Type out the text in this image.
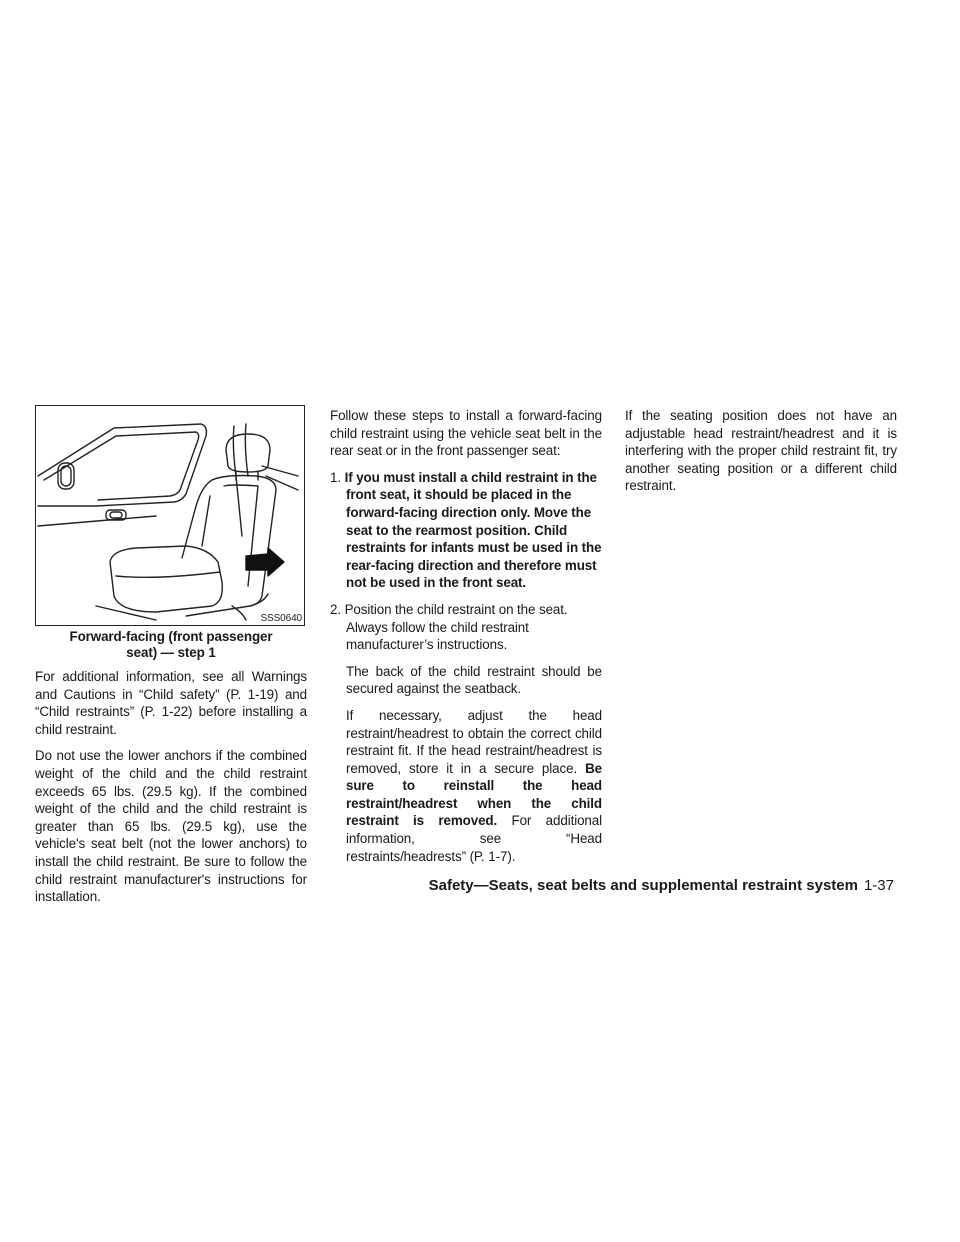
SSS0640
Forward-facing (front passenger
seat) — step 1

For additional information, see all Warnings and Cautions in “Child safety” (P. 1-19) and “Child restraints” (P. 1-22) before installing a child restraint.

Do not use the lower anchors if the combined weight of the child and the child restraint exceeds 65 lbs. (29.5 kg). If the combined weight of the child and the child restraint is greater than 65 lbs. (29.5 kg), use the vehicle's seat belt (not the lower anchors) to install the child restraint. Be sure to follow the child restraint manufacturer's instructions for installation.

Follow these steps to install a forward-facing child restraint using the vehicle seat belt in the rear seat or in the front passenger seat:

1. If you must install a child restraint in the front seat, it should be placed in the forward-facing direction only. Move the seat to the rearmost position. Child restraints for infants must be used in the rear-facing direction and therefore must not be used in the front seat.
2. Position the child restraint on the seat. Always follow the child restraint manufacturer’s instructions.

The back of the child restraint should be secured against the seatback.

If necessary, adjust the head restraint/headrest to obtain the correct child restraint fit. If the head restraint/headrest is removed, store it in a secure place. Be sure to reinstall the head restraint/headrest when the child restraint is removed. For additional information, see “Head restraints/headrests” (P. 1-7).

If the seating position does not have an adjustable head restraint/headrest and it is interfering with the proper child restraint fit, try another seating position or a different child restraint.

Safety—Seats, seat belts and supplemental restraint system 1-37
